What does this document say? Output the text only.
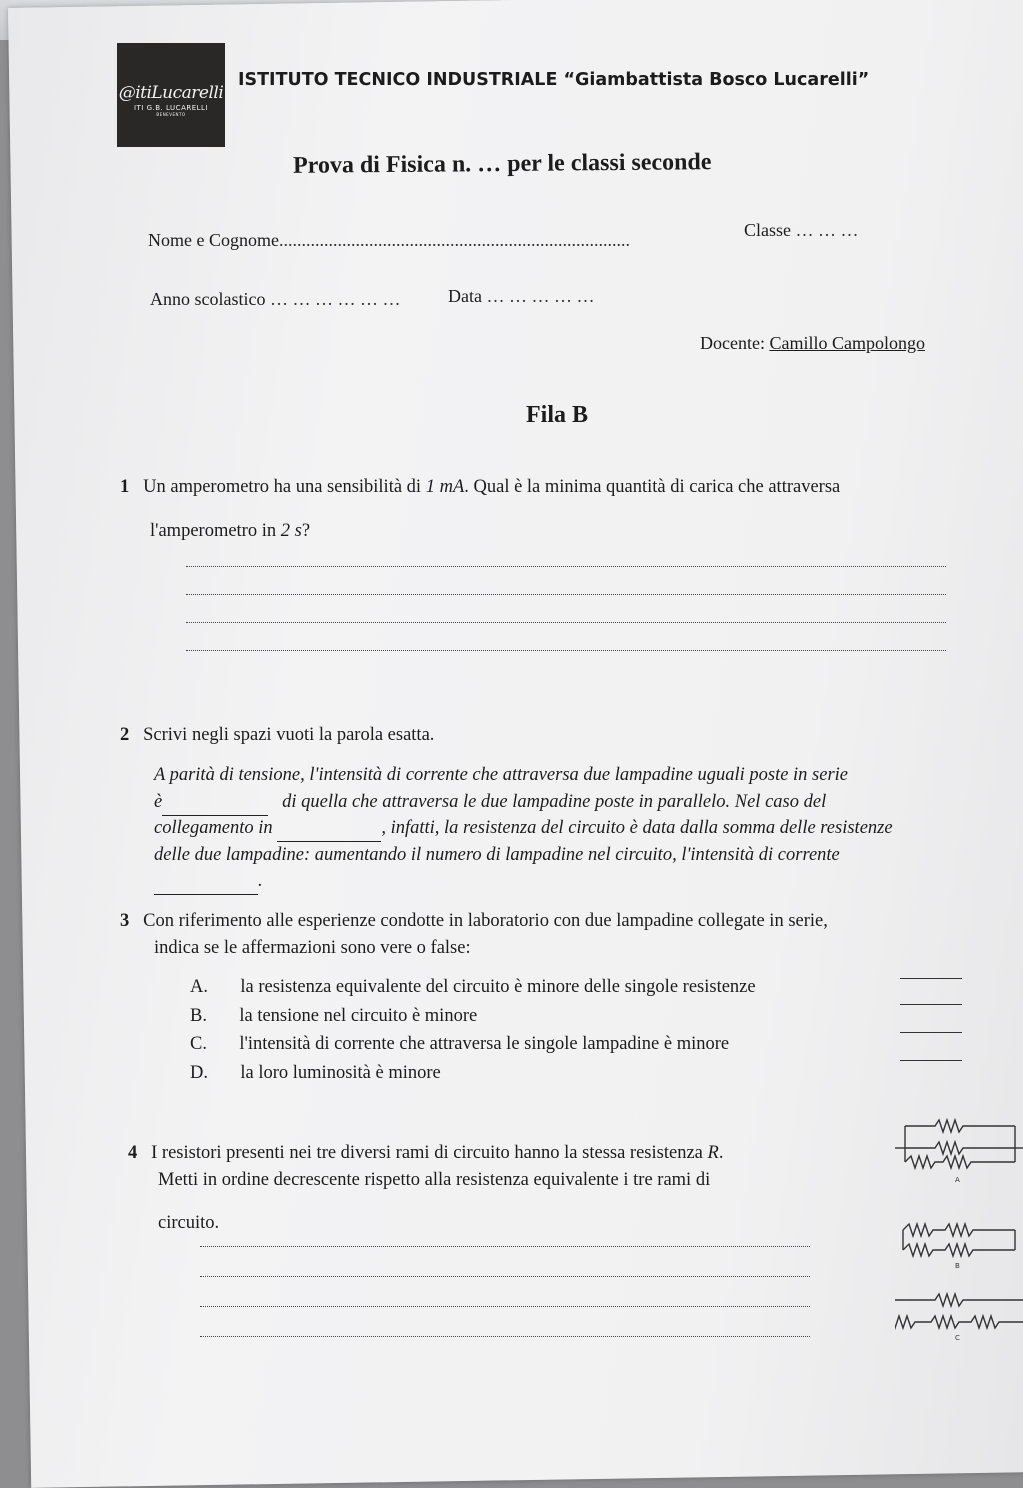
@itiLucarelli
ITI G.B. LUCARELLI
BENEVENTO
ISTITUTO TECNICO INDUSTRIALE “Giambattista Bosco Lucarelli”
Prova di Fisica n. … per le classi seconde
Nome e Cognome..............................................................................	Classe … … …
Anno scolastico … … … … … …	Data … … … … …
Docente: Camillo Campolongo
Fila B
1 Un amperometro ha una sensibilità di 1 mA. Qual è la minima quantità di carica che attraversa
l'amperometro in 2 s?
2 Scrivi negli spazi vuoti la parola esatta.
A parità di tensione, l'intensità di corrente che attraversa due lampadine uguali poste in serie
è	di quella che attraversa le due lampadine poste in parallelo. Nel caso del
collegamento in	, infatti, la resistenza del circuito è data dalla somma delle resistenze
delle due lampadine: aumentando il numero di lampadine nel circuito, l'intensità di corrente
.
3 Con riferimento alle esperienze condotte in laboratorio con due lampadine collegate in serie,
indica se le affermazioni sono vere o false:
A. la resistenza equivalente del circuito è minore delle singole resistenze
B. la tensione nel circuito è minore
C. l'intensità di corrente che attraversa le singole lampadine è minore
D. la loro luminosità è minore
4 I resistori presenti nei tre diversi rami di circuito hanno la stessa resistenza R.
Metti in ordine decrescente rispetto alla resistenza equivalente i tre rami di
circuito.
A
B
C
